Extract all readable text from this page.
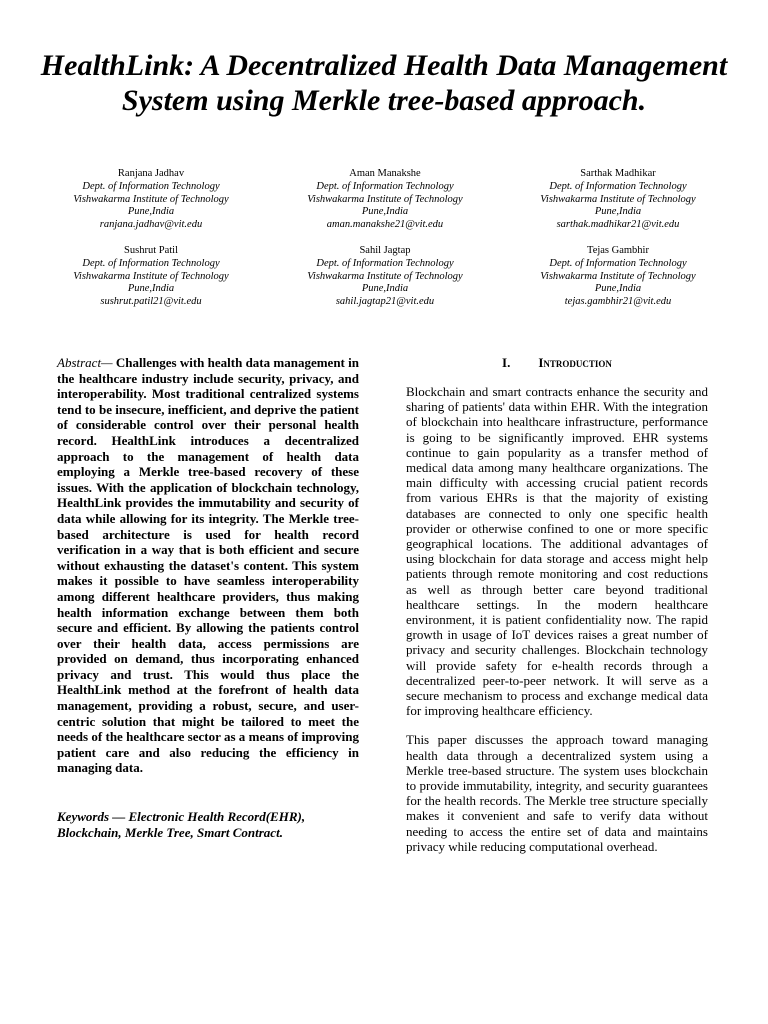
HealthLink: A Decentralized Health Data Management System using Merkle tree-based approach.
Ranjana Jadhav
Dept. of Information Technology
Vishwakarma Institute of Technology
Pune,India
ranjana.jadhav@vit.edu
Aman Manakshe
Dept. of Information Technology
Vishwakarma Institute of Technology
Pune,India
aman.manakshe21@vit.edu
Sarthak Madhikar
Dept. of Information Technology
Vishwakarma Institute of Technology
Pune,India
sarthak.madhikar21@vit.edu
Sushrut Patil
Dept. of Information Technology
Vishwakarma Institute of Technology
Pune,India
sushrut.patil21@vit.edu
Sahil Jagtap
Dept. of Information Technology
Vishwakarma Institute of Technology
Pune,India
sahil.jagtap21@vit.edu
Tejas Gambhir
Dept. of Information Technology
Vishwakarma Institute of Technology
Pune,India
tejas.gambhir21@vit.edu

Abstract— Challenges with health data management in the healthcare industry include security, privacy, and interoperability. Most traditional centralized systems tend to be insecure, inefficient, and deprive the patient of considerable control over their personal health record. HealthLink introduces a decentralized approach to the management of health data employing a Merkle tree-based recovery of these issues. With the application of blockchain technology, HealthLink provides the immutability and security of data while allowing for its integrity. The Merkle tree-based architecture is used for health record verification in a way that is both efficient and secure without exhausting the dataset's content. This system makes it possible to have seamless interoperability among different healthcare providers, thus making health information exchange between them both secure and efficient. By allowing the patients control over their health data, access permissions are provided on demand, thus incorporating enhanced privacy and trust. This would thus place the HealthLink method at the forefront of health data management, providing a robust, secure, and user-centric solution that might be tailored to meet the needs of the healthcare sector as a means of improving patient care and also reducing the efficiency in managing data.

Keywords — Electronic Health Record(EHR), Blockchain, Merkle Tree, Smart Contract.

I. Introduction

Blockchain and smart contracts enhance the security and sharing of patients' data within EHR. With the integration of blockchain into healthcare infrastructure, performance is going to be significantly improved. EHR systems continue to gain popularity as a transfer method of medical data among many healthcare organizations. The main difficulty with accessing crucial patient records from various EHRs is that the majority of existing databases are connected to only one specific health provider or otherwise confined to one or more specific geographical locations. The additional advantages of using blockchain for data storage and access might help patients through remote monitoring and cost reductions as well as through better care beyond traditional healthcare settings. In the modern healthcare environment, it is patient confidentiality now. The rapid growth in usage of IoT devices raises a great number of privacy and security challenges. Blockchain technology will provide safety for e-health records through a decentralized peer-to-peer network. It will serve as a secure mechanism to process and exchange medical data for improving healthcare efficiency.

This paper discusses the approach toward managing health data through a decentralized system using a Merkle tree-based structure. The system uses blockchain to provide immutability, integrity, and security guarantees for the health records. The Merkle tree structure specially makes it convenient and safe to verify data without needing to access the entire set of data and maintains privacy while reducing computational overhead.
